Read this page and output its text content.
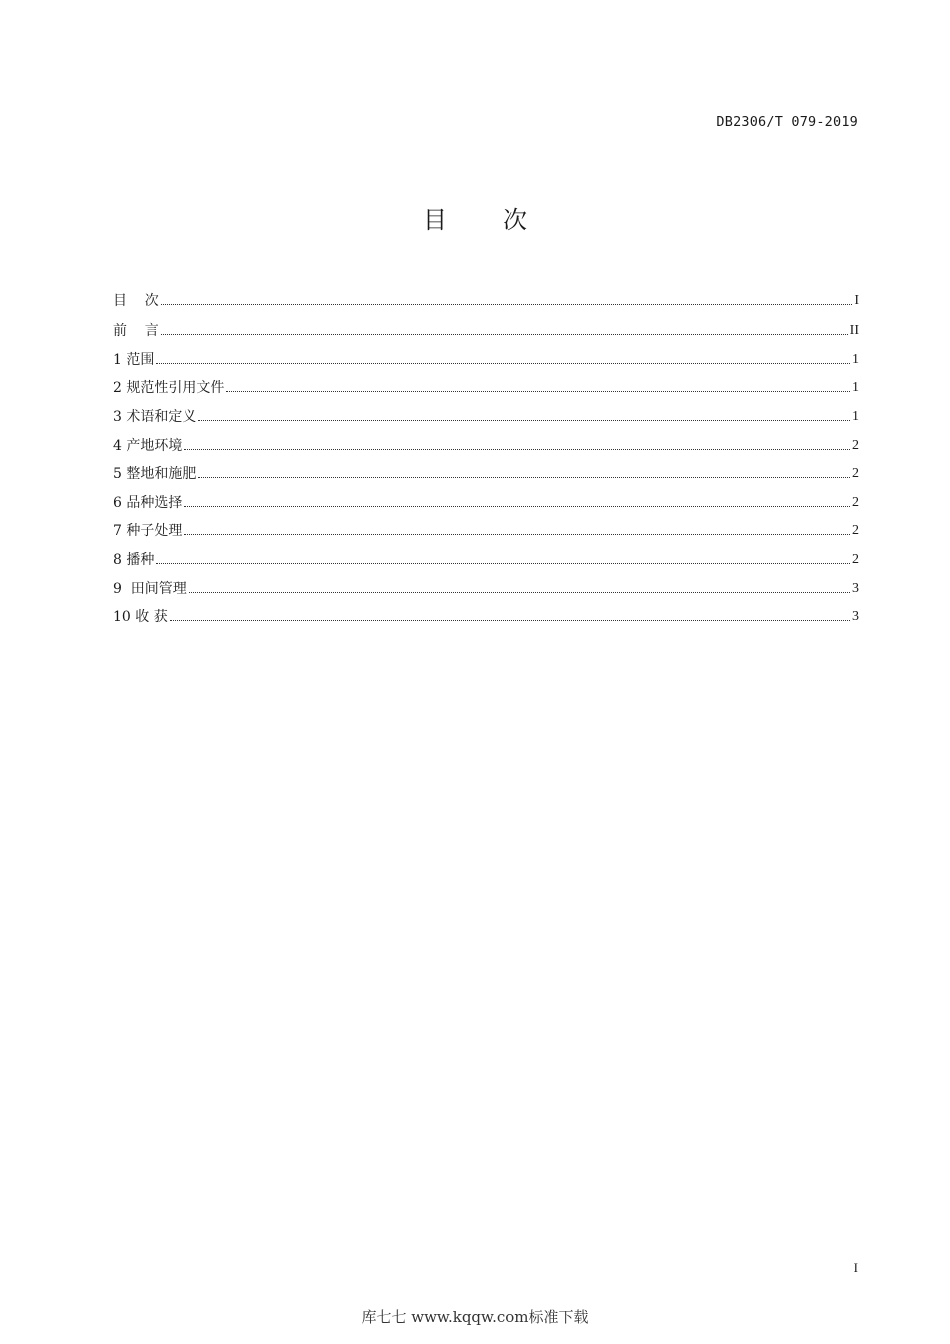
DB2306/T 079-2019
目次
目    次	I
前    言	II
1 范围	1
2 规范性引用文件	1
3 术语和定义	1
4 产地环境	2
5 整地和施肥	2
6 品种选择	2
7 种子处理	2
8 播种	2
9  田间管理	3
10 收 获	3
I
库七七 www.kqqw.com标准下载
